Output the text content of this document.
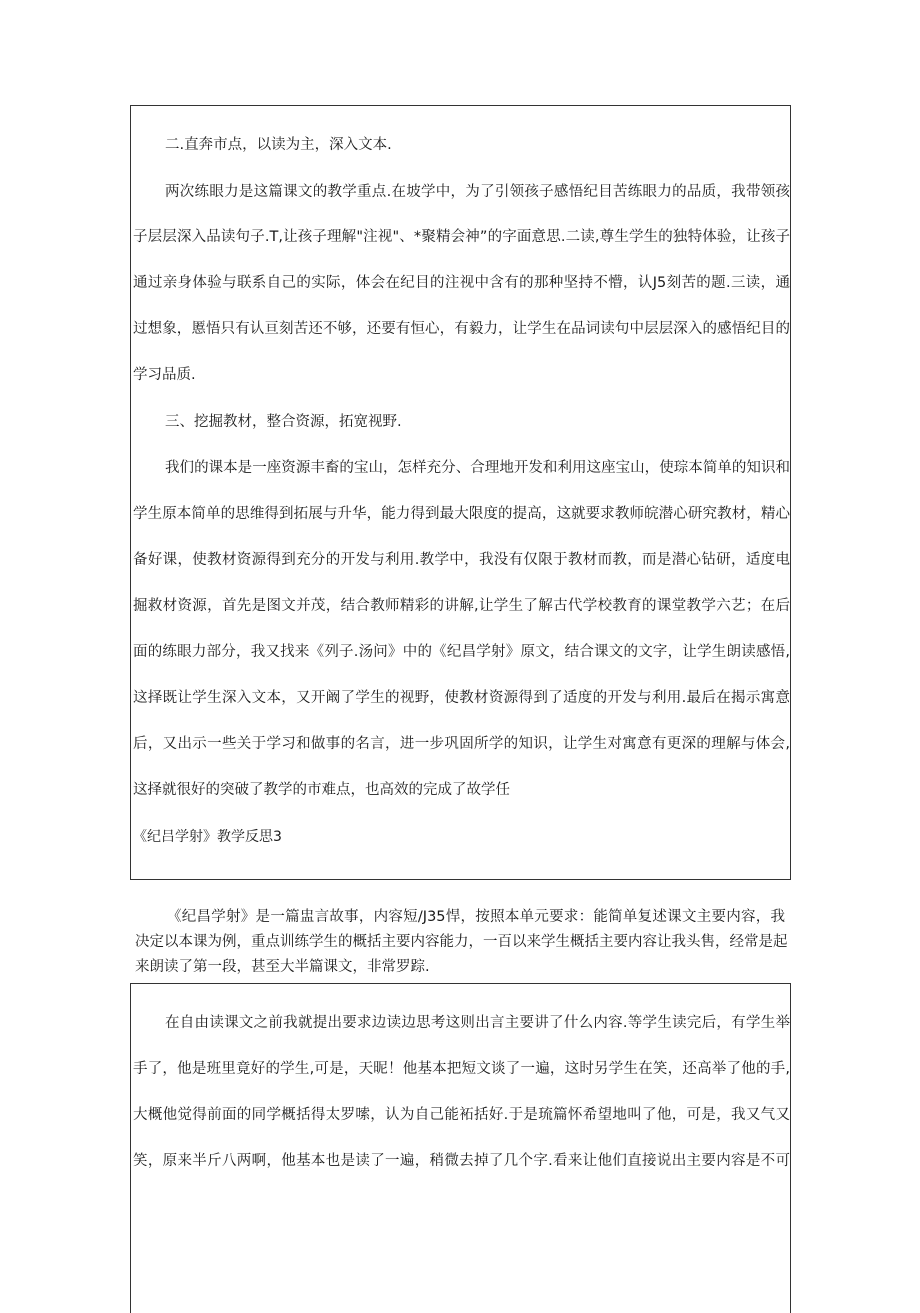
二.直奔市点，以读为主，深入文本.
两次练眼力是这篇课文的教学重点.在坡学中，为了引领孩子感悟纪目苦练眼力的品质，我带领孩
子层层深入品读句子.T,让孩子理解"注视"、*聚精会神”的字面意思.二读,尊生学生的独特体验，让孩子
通过亲身体验与联系自己的实际，体会在纪目的注视中含有的那种坚持不懵，认J5刻苦的题.三读，通
过想象，慝悟只有认亘刻苦还不够，还要有恒心，有毅力，让学生在品词读句中层层深入的感悟纪目的
学习品质.
三、挖掘教材，整合资源，拓宽视野.
我们的课本是一座资源丰畜的宝山，怎样充分、合理地开发和利用这座宝山，使琮本简单的知识和
学生原本简单的思维得到拓展与升华，能力得到最大限度的提高，这就要求教师皖潜心研究教材，精心
备好课，使教材资源得到充分的开发与利用.教学中，我没有仅限于教材而教，而是潜心钻研，适度电
掘救材资源，首先是图文并茂，结合教师精彩的讲解,让学生了解古代学校教育的课堂教学六艺；在后
面的练眼力部分，我又找来《列子.汤问》中的《纪昌学射》原文，结合课文的文字，让学生朗读感悟,
这择既让学生深入文本，又开阚了学生的视野，使教材资源得到了适度的开发与利用.最后在揭示寓意
后，又出示一些关于学习和做事的名言，进一步巩固所学的知识，让学生对寓意有更深的理解与体会,
这择就很好的突破了教学的市难点，也高效的完成了故学任
《纪吕学射》教学反思3
《纪昌学射》是一篇盅言故事，内容短/J35悍，按照本单元要求：能简单复述课文主要内容，我
决定以本课为例，重点训练学生的概括主要内容能力，一百以来学生概括主要内容让我头售，经常是起
来朗读了第一段，甚至大半篇课文，非常罗踪.
在自由读课文之前我就提出要求边读边思考这则出言主要讲了什么内容.等学生读完后，有学生举
手了，他是班里竟好的学生,可是，天昵！他基本把短文谈了一遍，这时另学生在笑，还高举了他的手,
大概他觉得前面的同学概括得太罗嗦，认为自己能袥括好.于是琉篇怀希望地叫了他，可是，我又气又
笑，原来半斤八两啊，他基本也是读了一遍，稍微去掉了几个字.看来让他们直接说出主要内容是不可
